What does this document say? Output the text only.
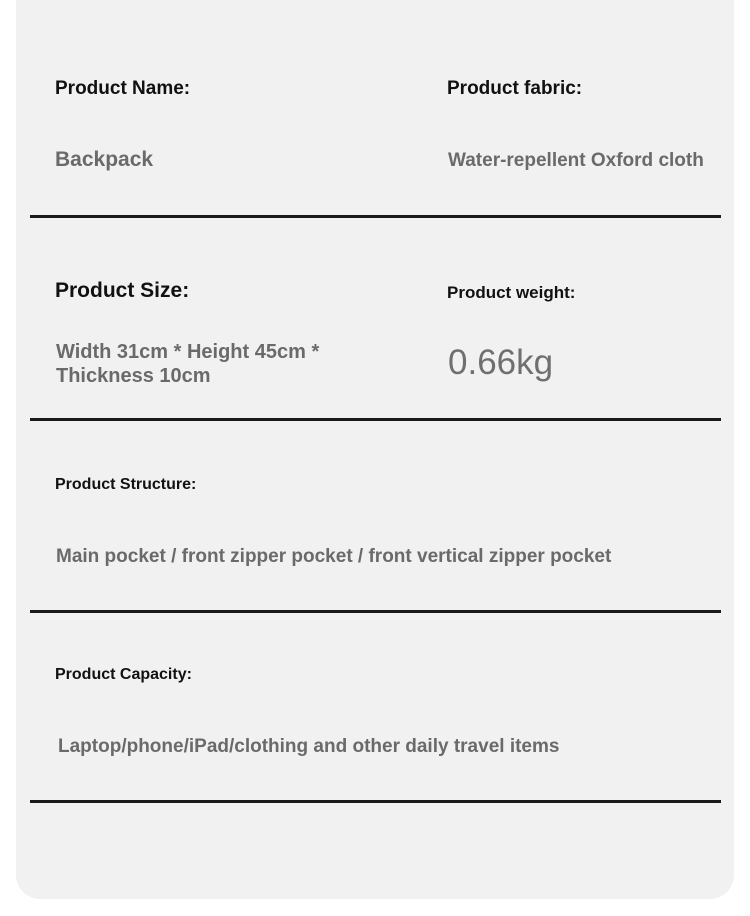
Product Name:	Product fabric:
Backpack	Water-repellent Oxford cloth
Product Size:	Product weight:
Width 31cm * Height 45cm * Thickness 10cm	0.66kg
Product Structure:
Main pocket / front zipper pocket / front vertical zipper pocket
Product Capacity:
Laptop/phone/iPad/clothing and other daily travel items
